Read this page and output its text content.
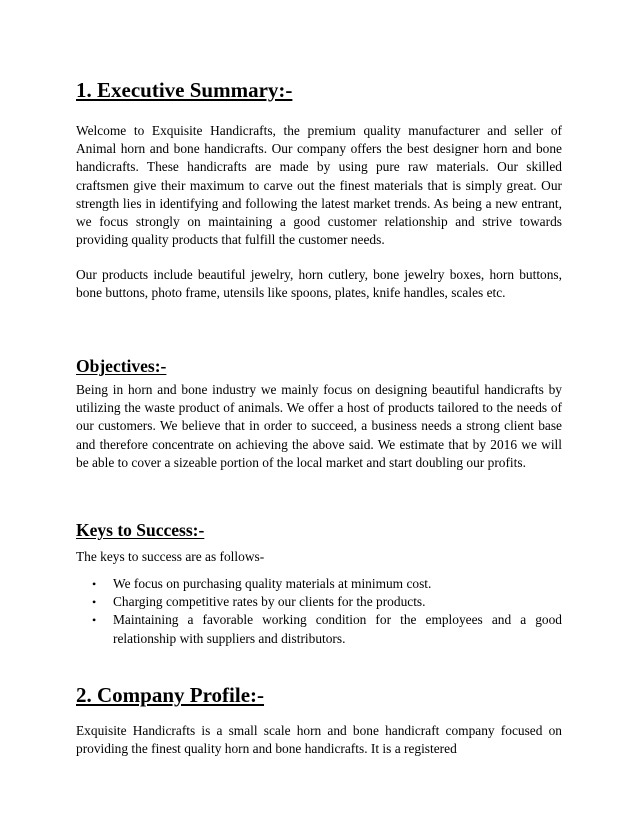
1. Executive Summary:-

Welcome to Exquisite Handicrafts, the premium quality manufacturer and seller of Animal horn and bone handicrafts. Our company offers the best designer horn and bone handicrafts. These handicrafts are made by using pure raw materials. Our skilled craftsmen give their maximum to carve out the finest materials that is simply great. Our strength lies in identifying and following the latest market trends. As being a new entrant, we focus strongly on maintaining a good customer relationship and strive towards providing quality products that fulfill the customer needs.

Our products include beautiful jewelry, horn cutlery, bone jewelry boxes, horn buttons, bone buttons, photo frame, utensils like spoons, plates, knife handles, scales etc.

Objectives:-

Being in horn and bone industry we mainly focus on designing beautiful handicrafts by utilizing the waste product of animals. We offer a host of products tailored to the needs of our customers. We believe that in order to succeed, a business needs a strong client base and therefore concentrate on achieving the above said. We estimate that by 2016 we will be able to cover a sizeable portion of the local market and start doubling our profits.

Keys to Success:-

The keys to success are as follows-

• We focus on purchasing quality materials at minimum cost.
• Charging competitive rates by our clients for the products.
• Maintaining a favorable working condition for the employees and a good relationship with suppliers and distributors.
2. Company Profile:-

Exquisite Handicrafts is a small scale horn and bone handicraft company focused on providing the finest quality horn and bone handicrafts. It is a registered
